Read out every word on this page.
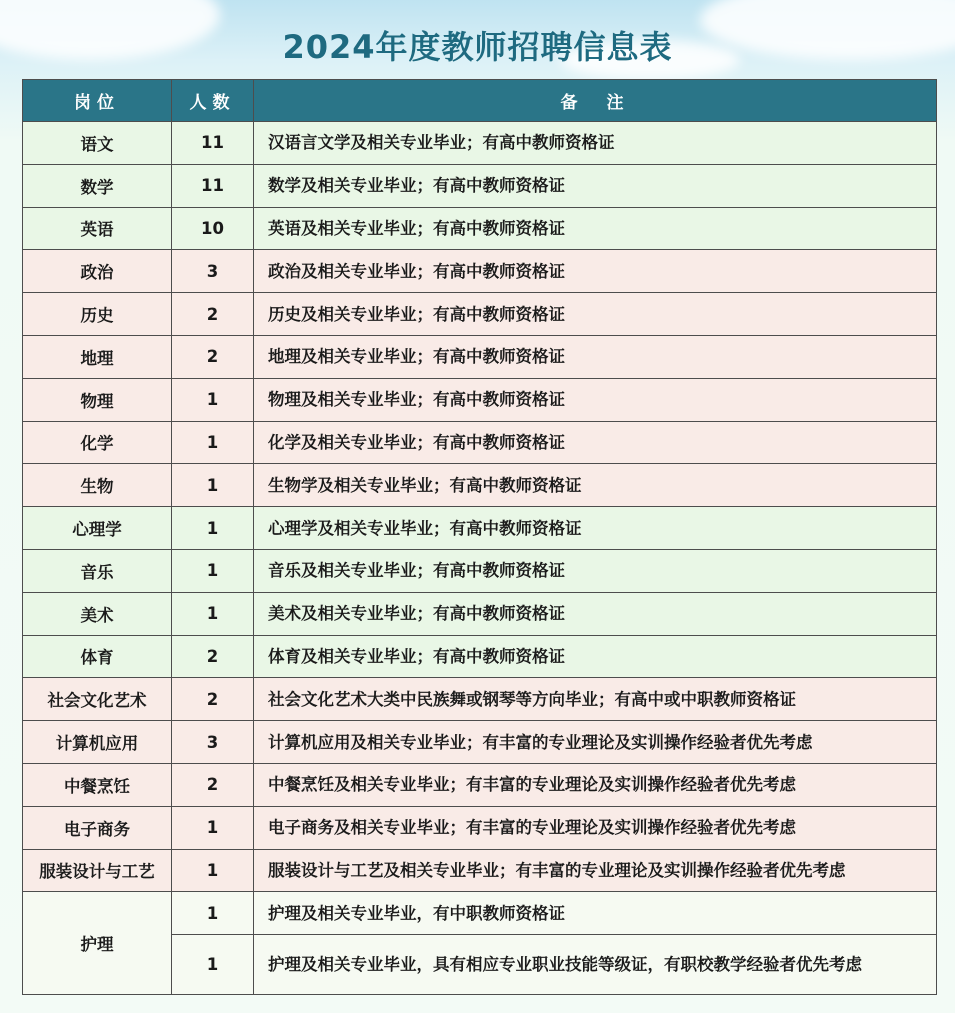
2024年度教师招聘信息表
岗位	人数	备　注
语文	11	汉语言文学及相关专业毕业；有高中教师资格证
数学	11	数学及相关专业毕业；有高中教师资格证
英语	10	英语及相关专业毕业；有高中教师资格证
政治	3	政治及相关专业毕业；有高中教师资格证
历史	2	历史及相关专业毕业；有高中教师资格证
地理	2	地理及相关专业毕业；有高中教师资格证
物理	1	物理及相关专业毕业；有高中教师资格证
化学	1	化学及相关专业毕业；有高中教师资格证
生物	1	生物学及相关专业毕业；有高中教师资格证
心理学	1	心理学及相关专业毕业；有高中教师资格证
音乐	1	音乐及相关专业毕业；有高中教师资格证
美术	1	美术及相关专业毕业；有高中教师资格证
体育	2	体育及相关专业毕业；有高中教师资格证
社会文化艺术	2	社会文化艺术大类中民族舞或钢琴等方向毕业；有高中或中职教师资格证
计算机应用	3	计算机应用及相关专业毕业；有丰富的专业理论及实训操作经验者优先考虑
中餐烹饪	2	中餐烹饪及相关专业毕业；有丰富的专业理论及实训操作经验者优先考虑
电子商务	1	电子商务及相关专业毕业；有丰富的专业理论及实训操作经验者优先考虑
服装设计与工艺	1	服装设计与工艺及相关专业毕业；有丰富的专业理论及实训操作经验者优先考虑
护理	1	护理及相关专业毕业，有中职教师资格证
	1	护理及相关专业毕业，具有相应专业职业技能等级证，有职校教学经验者优先考虑
